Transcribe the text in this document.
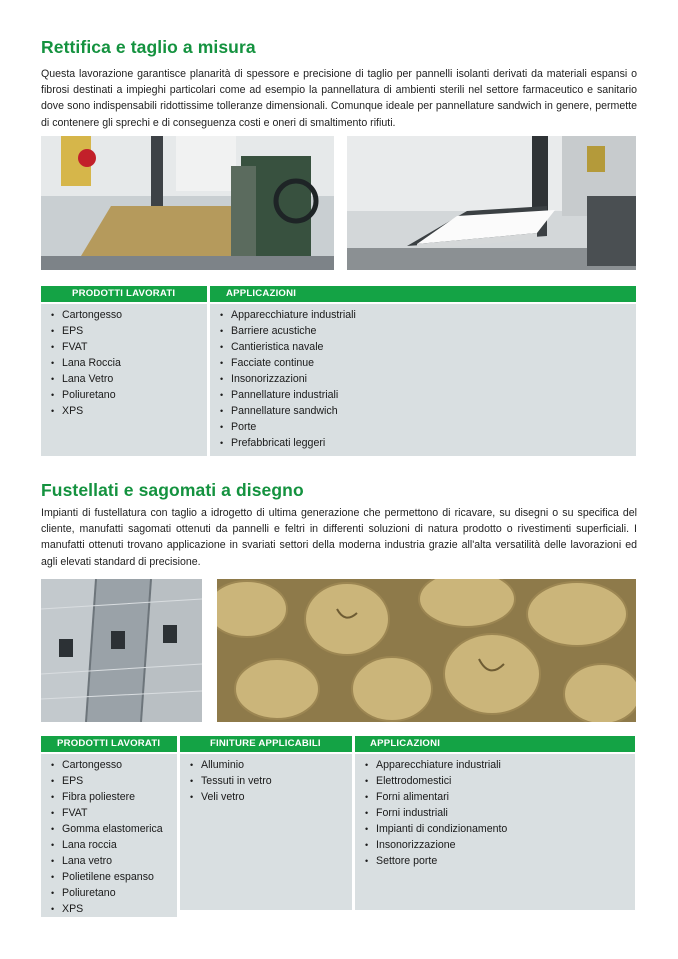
Rettifica e taglio a misura

Questa lavorazione garantisce planarità di spessore e precisione di taglio per pannelli isolanti derivati da materiali espansi o fibrosi destinati a impieghi particolari come ad esempio la pannellatura di ambienti sterili nel settore farmaceutico e sanitario dove sono indispensabili ridottissime tolleranze dimensionali. Comunque ideale per pannellature sandwich in genere, permette di contenere gli sprechi e di conseguenza costi e oneri di smaltimento rifiuti.

PRODOTTI LAVORATI
• Cartongesso
• EPS
• FVAT
• Lana Roccia
• Lana Vetro
• Poliuretano
• XPS
APPLICAZIONI
• Apparecchiature industriali
• Barriere acustiche
• Cantieristica navale
• Facciate continue
• Insonorizzazioni
• Pannellature industriali
• Pannellature sandwich
• Porte
• Prefabbricati leggeri
Fustellati e sagomati a disegno

Impianti di fustellatura con taglio a idrogetto di ultima generazione che permettono di ricavare, su disegni o su specifica del cliente, manufatti sagomati ottenuti da pannelli e feltri in differenti soluzioni di natura prodotto o rivestimenti superficiali. I manufatti ottenuti trovano applicazione in svariati settori della moderna industria grazie all'alta versatilità delle lavorazioni ed agli elevati standard di precisione.

PRODOTTI LAVORATI
• Cartongesso
• EPS
• Fibra poliestere
• FVAT
• Gomma elastomerica
• Lana roccia
• Lana vetro
• Polietilene espanso
• Poliuretano
• XPS
FINITURE APPLICABILI
• Alluminio
• Tessuti in vetro
• Veli vetro
APPLICAZIONI
• Apparecchiature industriali
• Elettrodomestici
• Forni alimentari
• Forni industriali
• Impianti di condizionamento
• Insonorizzazione
• Settore porte
